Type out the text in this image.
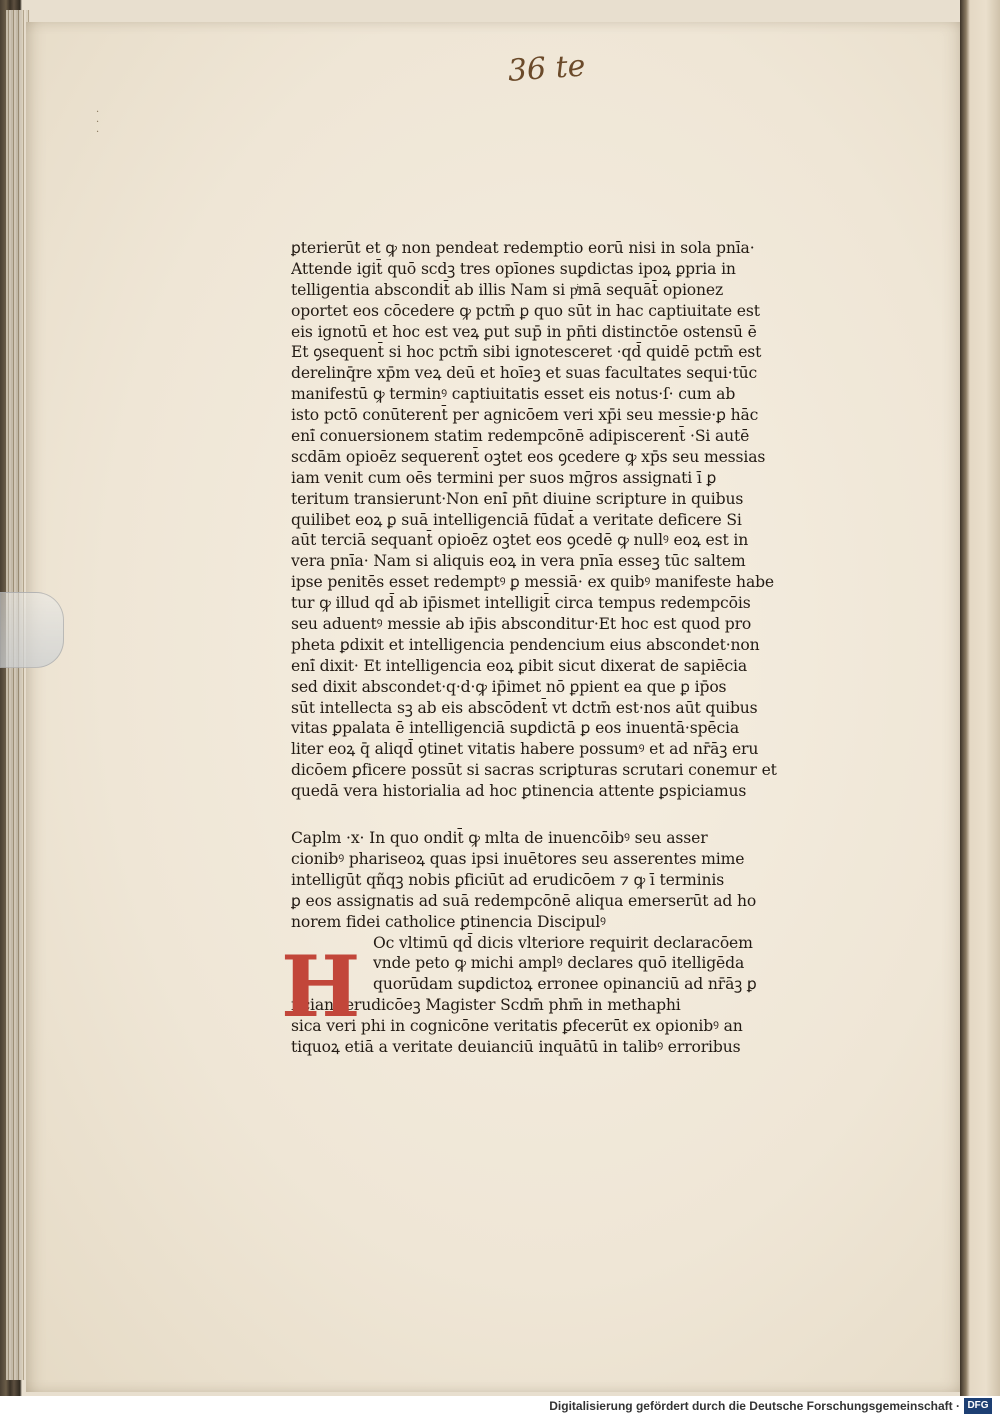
36 te
·
·
·
ꝑterierūt et ꝙ non pendeat redemptio eorū nisi in sola pnīa·
Attende igit̄ quō scdꝫ tres opīones suꝑdictas ipoꝝ ꝑpria in
telligentia abscondit̄ ab illis Nam si pͥmā sequāt̄ opionez
oportet eos cōcedere ꝙ pctm̄ ꝑ quo sūt in hac captiuitate est
eis ignotū et hoc est veꝝ ꝑut sup̄ in pn̄ti distinctōe ostensū ē
Et ꝯsequent̄ si hoc pctm̄ sibi ignotesceret ·qd̄ quidē pctm̄ est
derelinq̄re xp̄m veꝝ deū et hoīeꝫ et suas facultates sequi·tūc
manifestū ꝙ terminꝰ captiuitatis esset eis notus·ſ· cum ab
isto pctō conūterent̄ per agnicōem veri xp̄i seu messie·ꝑ hāc
eni̇̄ conuersionem statim redempcōnē adipiscerent̄ ·Si autē
scdām opioēz sequerent̄ oꝫtet eos ꝯcedere ꝙ xp̄s seu messias
iam venit cum oēs termini per suos mḡros assignati ī ꝑ
teritum transierunt·Non eni̇̄ pn̄t diuine scripture in quibus
quilibet eoꝝ ꝑ suā intelligenciā fūdat̄ a veritate deficere Si
aūt terciā sequant̄ opioēz oꝫtet eos ꝯcedē ꝙ nullꝰ eoꝝ est in
vera pnīa· Nam si aliquis eoꝝ in vera pnīa esseꝫ tūc saltem
ipse penitēs esset redemptꝰ ꝑ messiā· ex quibꝰ manifeste habe
tur ꝙ illud qd̄ ab ip̄ismet intelligit̄ circa tempus redempcōis
seu aduentꝰ messie ab ip̄is absconditur·Et hoc est quod pro
pheta ꝑdixit et intelligencia pendencium eius abscondet·non
eni̇̄ dixit· Et intelligencia eoꝝ ꝑibit sicut dixerat de sapiēcia
sed dixit abscondet·q·d·ꝙ ip̄imet nō ꝑpient ea que ꝑ ip̄os
sūt intellecta sꝫ ab eis abscōdent̄ vt dctm̄ est·nos aūt quibus
vitas ꝑpalata ē intelligenciā suꝑdictā ꝑ eos inuentā·spēcia
liter eoꝝ q̄ aliqd̄ ꝯtinet vitatis habere possumꝰ et ad nr̄āꝫ eru
dicōem ꝑficere possūt si sacras scriꝑturas scrutari conemur et
quedā vera historialia ad hoc ꝑtinencia attente ꝑspiciamus
Caplm ·x· In quo ondit̄ ꝙ mlta de inuencōibꝰ seu asser
cionibꝰ phariseoꝝ quas ipsi inuētores seu asserentes mime
intelligūt qñqꝫ nobis ꝑficiūt ad erudicōem ⁊ ꝙ ī terminis
ꝑ eos assignatis ad suā redempcōnē aliqua emerserūt ad ho
norem fidei catholice ꝑtinencia Discipulꝰ
Oc vltimū qd̄ dicis vlteriore requirit declaracōem
vnde peto ꝙ michi amplꝰ declares quō itelligēda
quorūdam suꝑdictoꝝ erronee opinanciū ad nr̄āꝫ ꝑ
ficiant erudicōeꝫ Magister Scdm̄ phm̄ in methaphi
sica veri phi in cognicōne veritatis ꝑfecerūt ex opionibꝰ an
tiquoꝝ etiā a veritate deuianciū inquātū in talibꝰ erroribus
H
Digitalisierung gefördert durch die Deutsche Forschungsgemeinschaft · DFG
